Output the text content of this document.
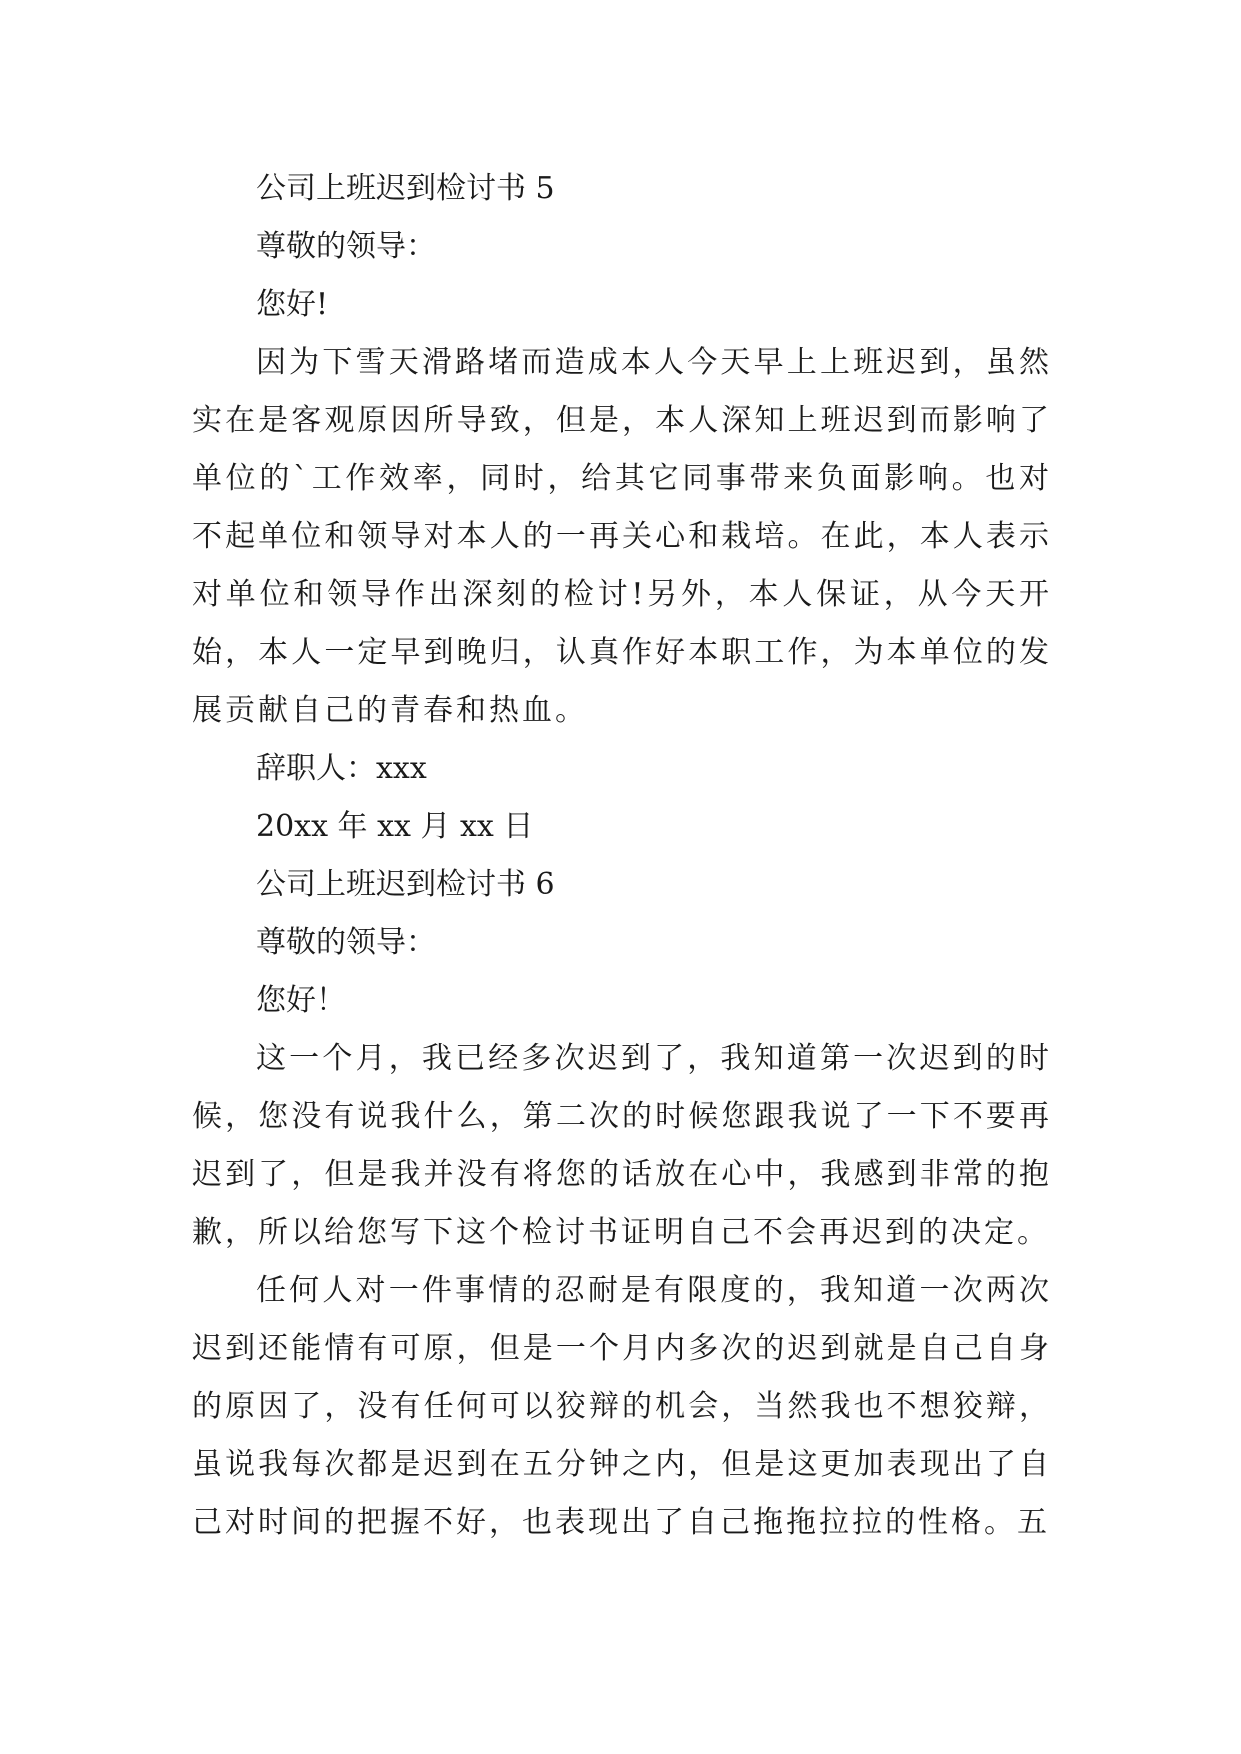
公司上班迟到检讨书 5

尊敬的领导：

您好!

因为下雪天滑路堵而造成本人今天早上上班迟到，虽然实在是客观原因所导致，但是，本人深知上班迟到而影响了单位的`工作效率，同时，给其它同事带来负面影响。也对不起单位和领导对本人的一再关心和栽培。在此，本人表示对单位和领导作出深刻的检讨!另外，本人保证，从今天开始，本人一定早到晚归，认真作好本职工作，为本单位的发展贡献自己的青春和热血。

辞职人：xxx

20xx 年 xx 月 xx 日

公司上班迟到检讨书 6

尊敬的领导：

您好！

这一个月，我已经多次迟到了，我知道第一次迟到的时候，您没有说我什么，第二次的时候您跟我说了一下不要再迟到了，但是我并没有将您的话放在心中，我感到非常的抱歉，所以给您写下这个检讨书证明自己不会再迟到的决定。

任何人对一件事情的忍耐是有限度的，我知道一次两次迟到还能情有可原，但是一个月内多次的迟到就是自己自身的原因了，没有任何可以狡辩的机会，当然我也不想狡辩，虽说我每次都是迟到在五分钟之内，但是这更加表现出了自己对时间的把握不好，也表现出了自己拖拖拉拉的性格。五
